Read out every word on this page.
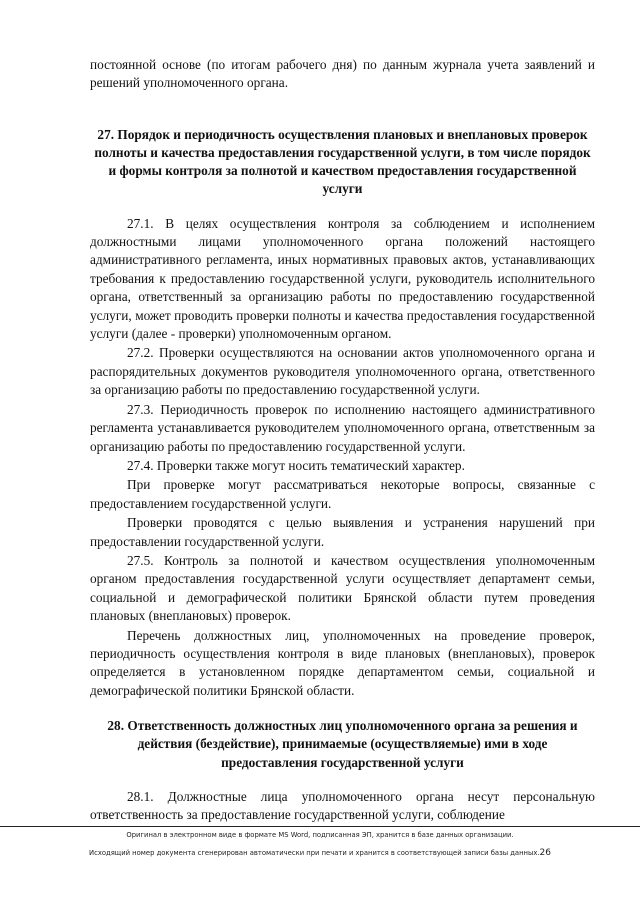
постоянной основе (по итогам рабочего дня) по данным журнала учета заявлений и решений уполномоченного органа.

27. Порядок и периодичность осуществления плановых и внеплановых проверок полноты и качества предоставления государственной услуги, в том числе порядок и формы контроля за полнотой и качеством предоставления государственной услуги

27.1. В целях осуществления контроля за соблюдением и исполнением должностными лицами уполномоченного органа положений настоящего административного регламента, иных нормативных правовых актов, устанавливающих требования к предоставлению государственной услуги, руководитель исполнительного органа, ответственный за организацию работы по предоставлению государственной услуги, может проводить проверки полноты и качества предоставления государственной услуги (далее - проверки) уполномоченным органом.

27.2. Проверки осуществляются на основании актов уполномоченного органа и распорядительных документов руководителя уполномоченного органа, ответственного за организацию работы по предоставлению государственной услуги.

27.3. Периодичность проверок по исполнению настоящего административного регламента устанавливается руководителем уполномоченного органа, ответственным за организацию работы по предоставлению государственной услуги.

27.4. Проверки также могут носить тематический характер.

При проверке могут рассматриваться некоторые вопросы, связанные с предоставлением государственной услуги.

Проверки проводятся с целью выявления и устранения нарушений при предоставлении государственной услуги.

27.5. Контроль за полнотой и качеством осуществления уполномоченным органом предоставления государственной услуги осуществляет департамент семьи, социальной и демографической политики Брянской области путем проведения плановых (внеплановых) проверок.

Перечень должностных лиц, уполномоченных на проведение проверок, периодичность осуществления контроля в виде плановых (внеплановых), проверок определяется в установленном порядке департаментом семьи, социальной и демографической политики Брянской области.

28. Ответственность должностных лиц уполномоченного органа за решения и действия (бездействие), принимаемые (осуществляемые) ими в ходе предоставления государственной услуги

28.1. Должностные лица уполномоченного органа несут персональную ответственность за предоставление государственной услуги, соблюдение

Оригинал в электронном виде в формате MS Word, подписанная ЭП, хранится в базе данных организации.
Исходящий номер документа сгенерирован автоматически при печати и хранится в соответствующей записи базы данных.26
